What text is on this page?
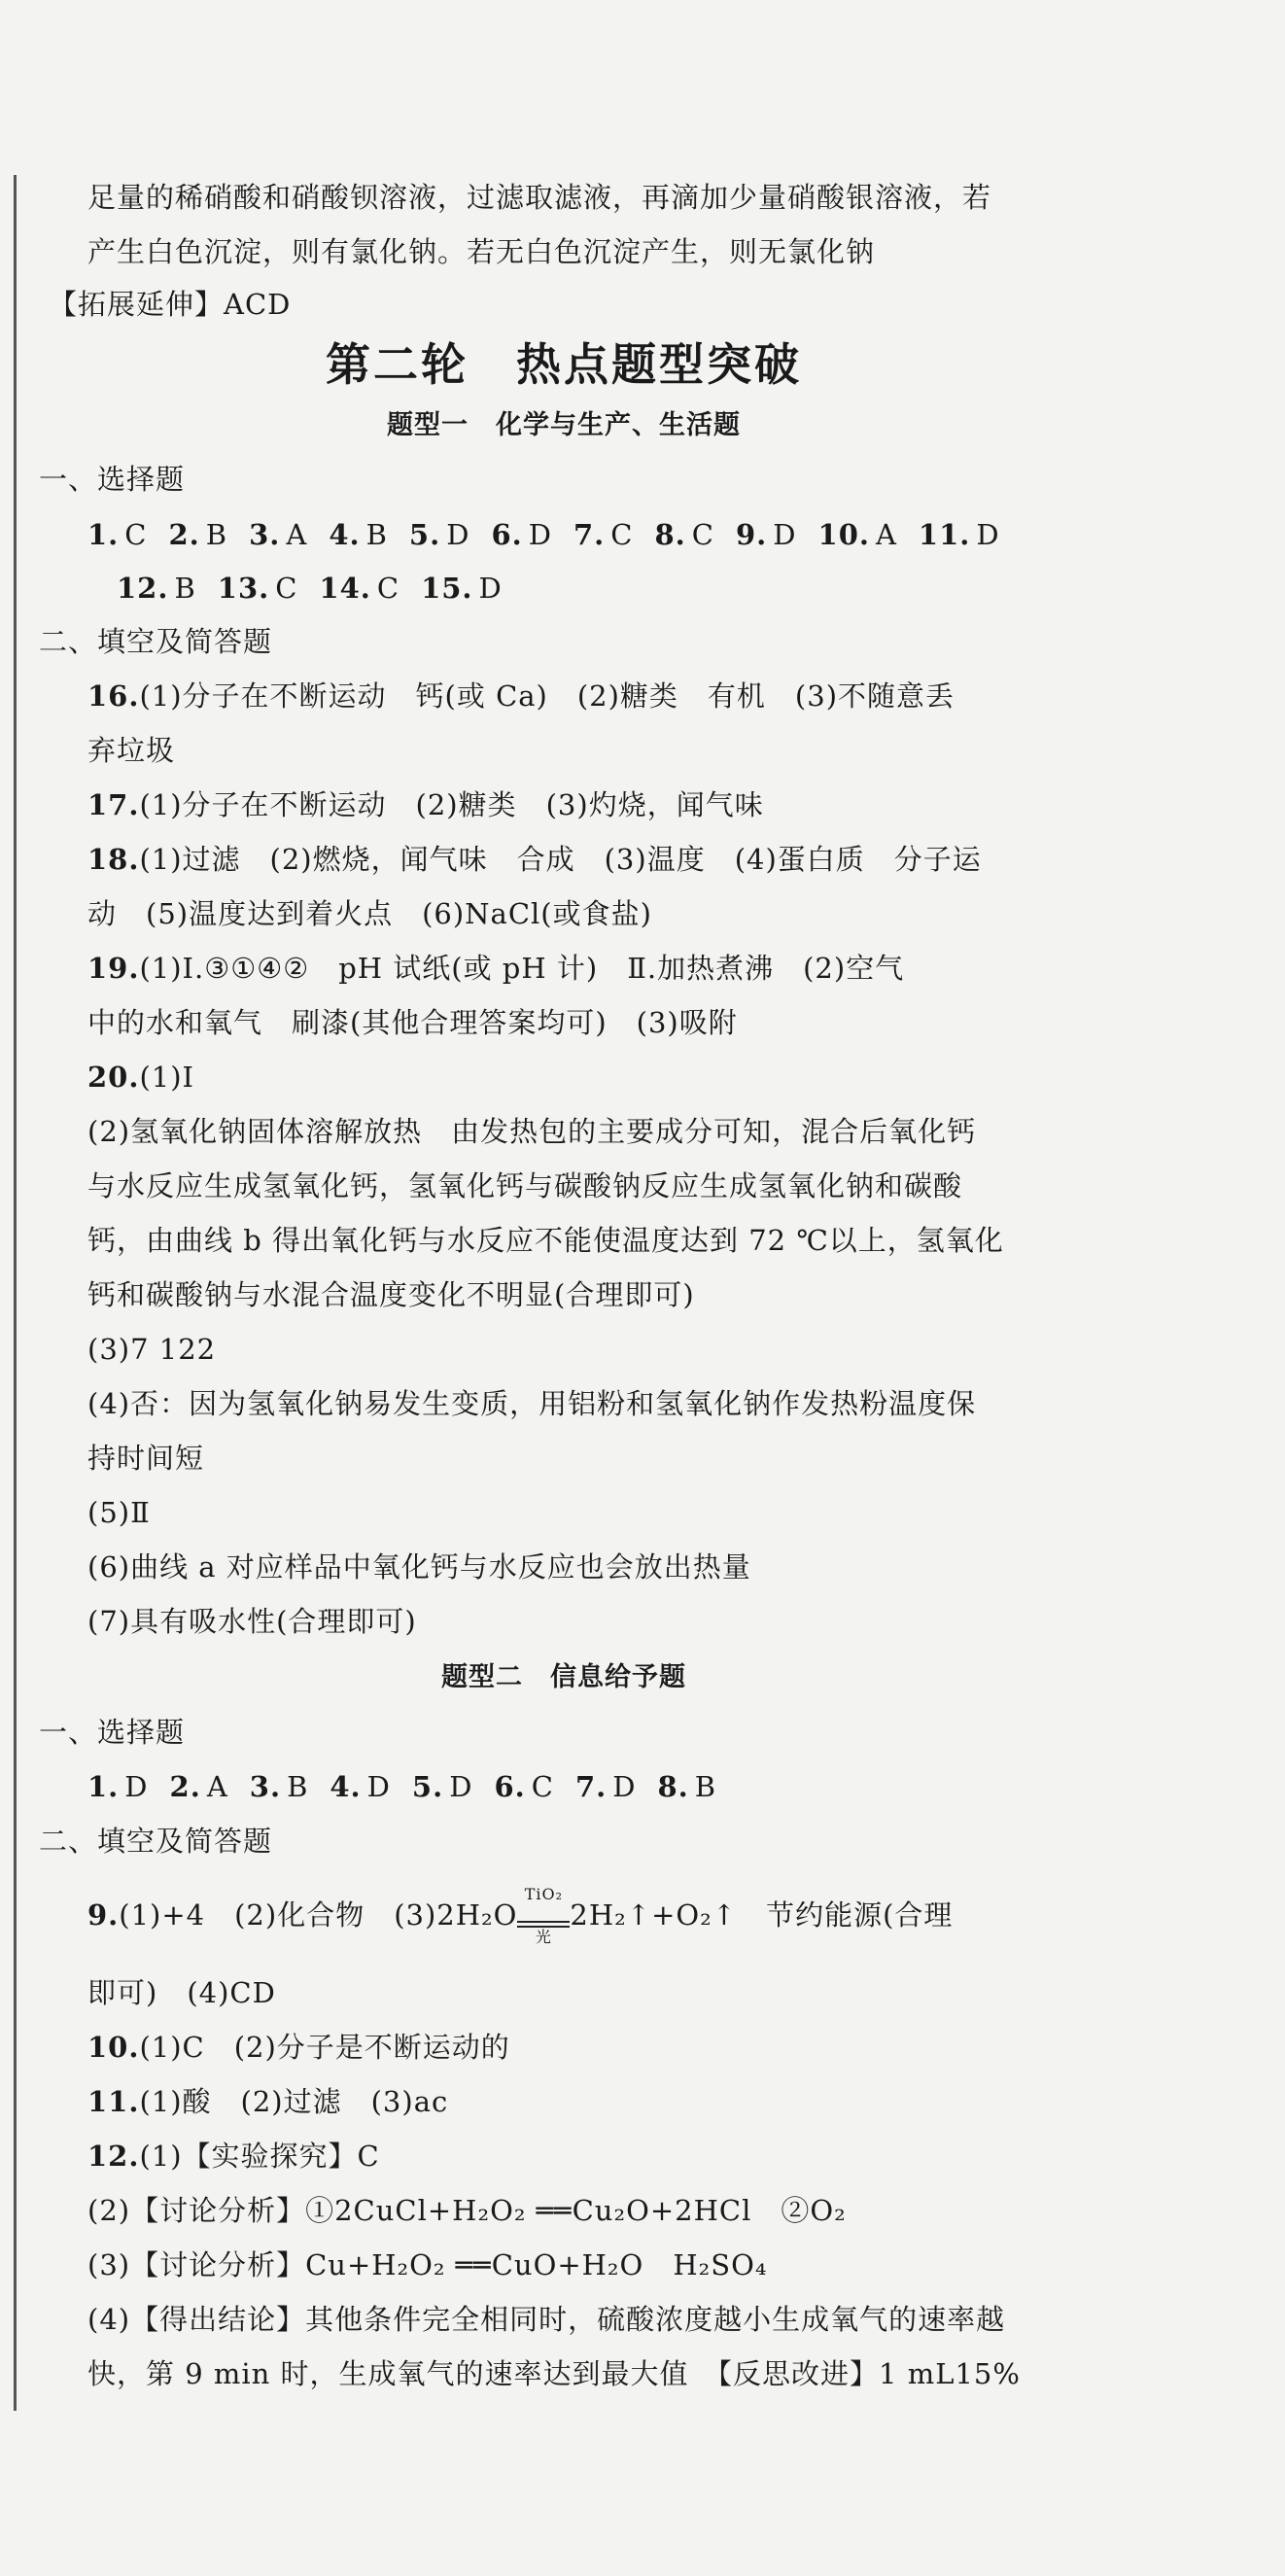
足量的稀硝酸和硝酸钡溶液，过滤取滤液，再滴加少量硝酸银溶液，若
产生白色沉淀，则有氯化钠。若无白色沉淀产生，则无氯化钠
【拓展延伸】ACD
第二轮　热点题型突破
题型一　化学与生产、生活题
一、选择题
1. C 2. B 3. A 4. B 5. D 6. D 7. C 8. C 9. D 10. A 11. D
12. B 13. C 14. C 15. D
二、填空及简答题
16.(1)分子在不断运动　钙(或 Ca)　(2)糖类　有机　(3)不随意丢
弃垃圾
17.(1)分子在不断运动　(2)糖类　(3)灼烧，闻气味
18.(1)过滤　(2)燃烧，闻气味　合成　(3)温度　(4)蛋白质　分子运
动　(5)温度达到着火点　(6)NaCl(或食盐)
19.(1)Ⅰ.③①④②　pH 试纸(或 pH 计)　Ⅱ.加热煮沸　(2)空气
中的水和氧气　刷漆(其他合理答案均可)　(3)吸附
20.(1)Ⅰ
(2)氢氧化钠固体溶解放热　由发热包的主要成分可知，混合后氧化钙
与水反应生成氢氧化钙，氢氧化钙与碳酸钠反应生成氢氧化钠和碳酸
钙，由曲线 b 得出氧化钙与水反应不能使温度达到 72 ℃以上，氢氧化
钙和碳酸钠与水混合温度变化不明显(合理即可)
(3)7 122
(4)否：因为氢氧化钠易发生变质，用铝粉和氢氧化钠作发热粉温度保
持时间短
(5)Ⅱ
(6)曲线 a 对应样品中氧化钙与水反应也会放出热量
(7)具有吸水性(合理即可)
题型二　信息给予题
一、选择题
1. D 2. A 3. B 4. D 5. D 6. C 7. D 8. B
二、填空及简答题
9.(1)+4　(2)化合物　(3)2H₂O
TiO₂
光
2H₂↑+O₂↑　节约能源(合理
即可)　(4)CD
10.(1)C　(2)分子是不断运动的
11.(1)酸　(2)过滤　(3)ac
12.(1)【实验探究】C
(2)【讨论分析】①2CuCl+H₂O₂ ══Cu₂O+2HCl　②O₂
(3)【讨论分析】Cu+H₂O₂ ══CuO+H₂O　H₂SO₄
(4)【得出结论】其他条件完全相同时，硫酸浓度越小生成氧气的速率越
快，第 9 min 时，生成氧气的速率达到最大值　【反思改进】1 mL15%
